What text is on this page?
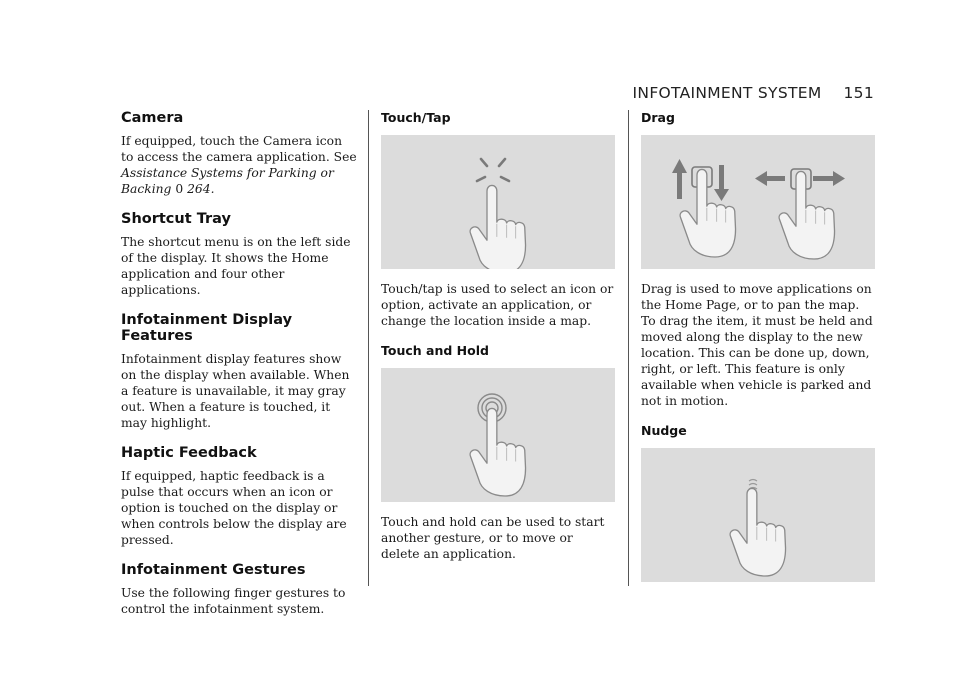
INFOTAINMENT SYSTEM 151
Camera

If equipped, touch the Camera icon to access the camera application. See Assistance Systems for Parking or Backing 0 264.

Shortcut Tray

The shortcut menu is on the left side of the display. It shows the Home application and four other applications.

Infotainment Display Features

Infotainment display features show on the display when available. When a feature is unavailable, it may gray out. When a feature is touched, it may highlight.

Haptic Feedback

If equipped, haptic feedback is a pulse that occurs when an icon or option is touched on the display or when controls below the display are pressed.

Infotainment Gestures

Use the following finger gestures to control the infotainment system.

Touch/Tap

Touch/tap is used to select an icon or option, activate an application, or change the location inside a map.

Touch and Hold

Touch and hold can be used to start another gesture, or to move or delete an application.

Drag

Drag is used to move applications on the Home Page, or to pan the map. To drag the item, it must be held and moved along the display to the new location. This can be done up, down, right, or left. This feature is only available when vehicle is parked and not in motion.

Nudge
